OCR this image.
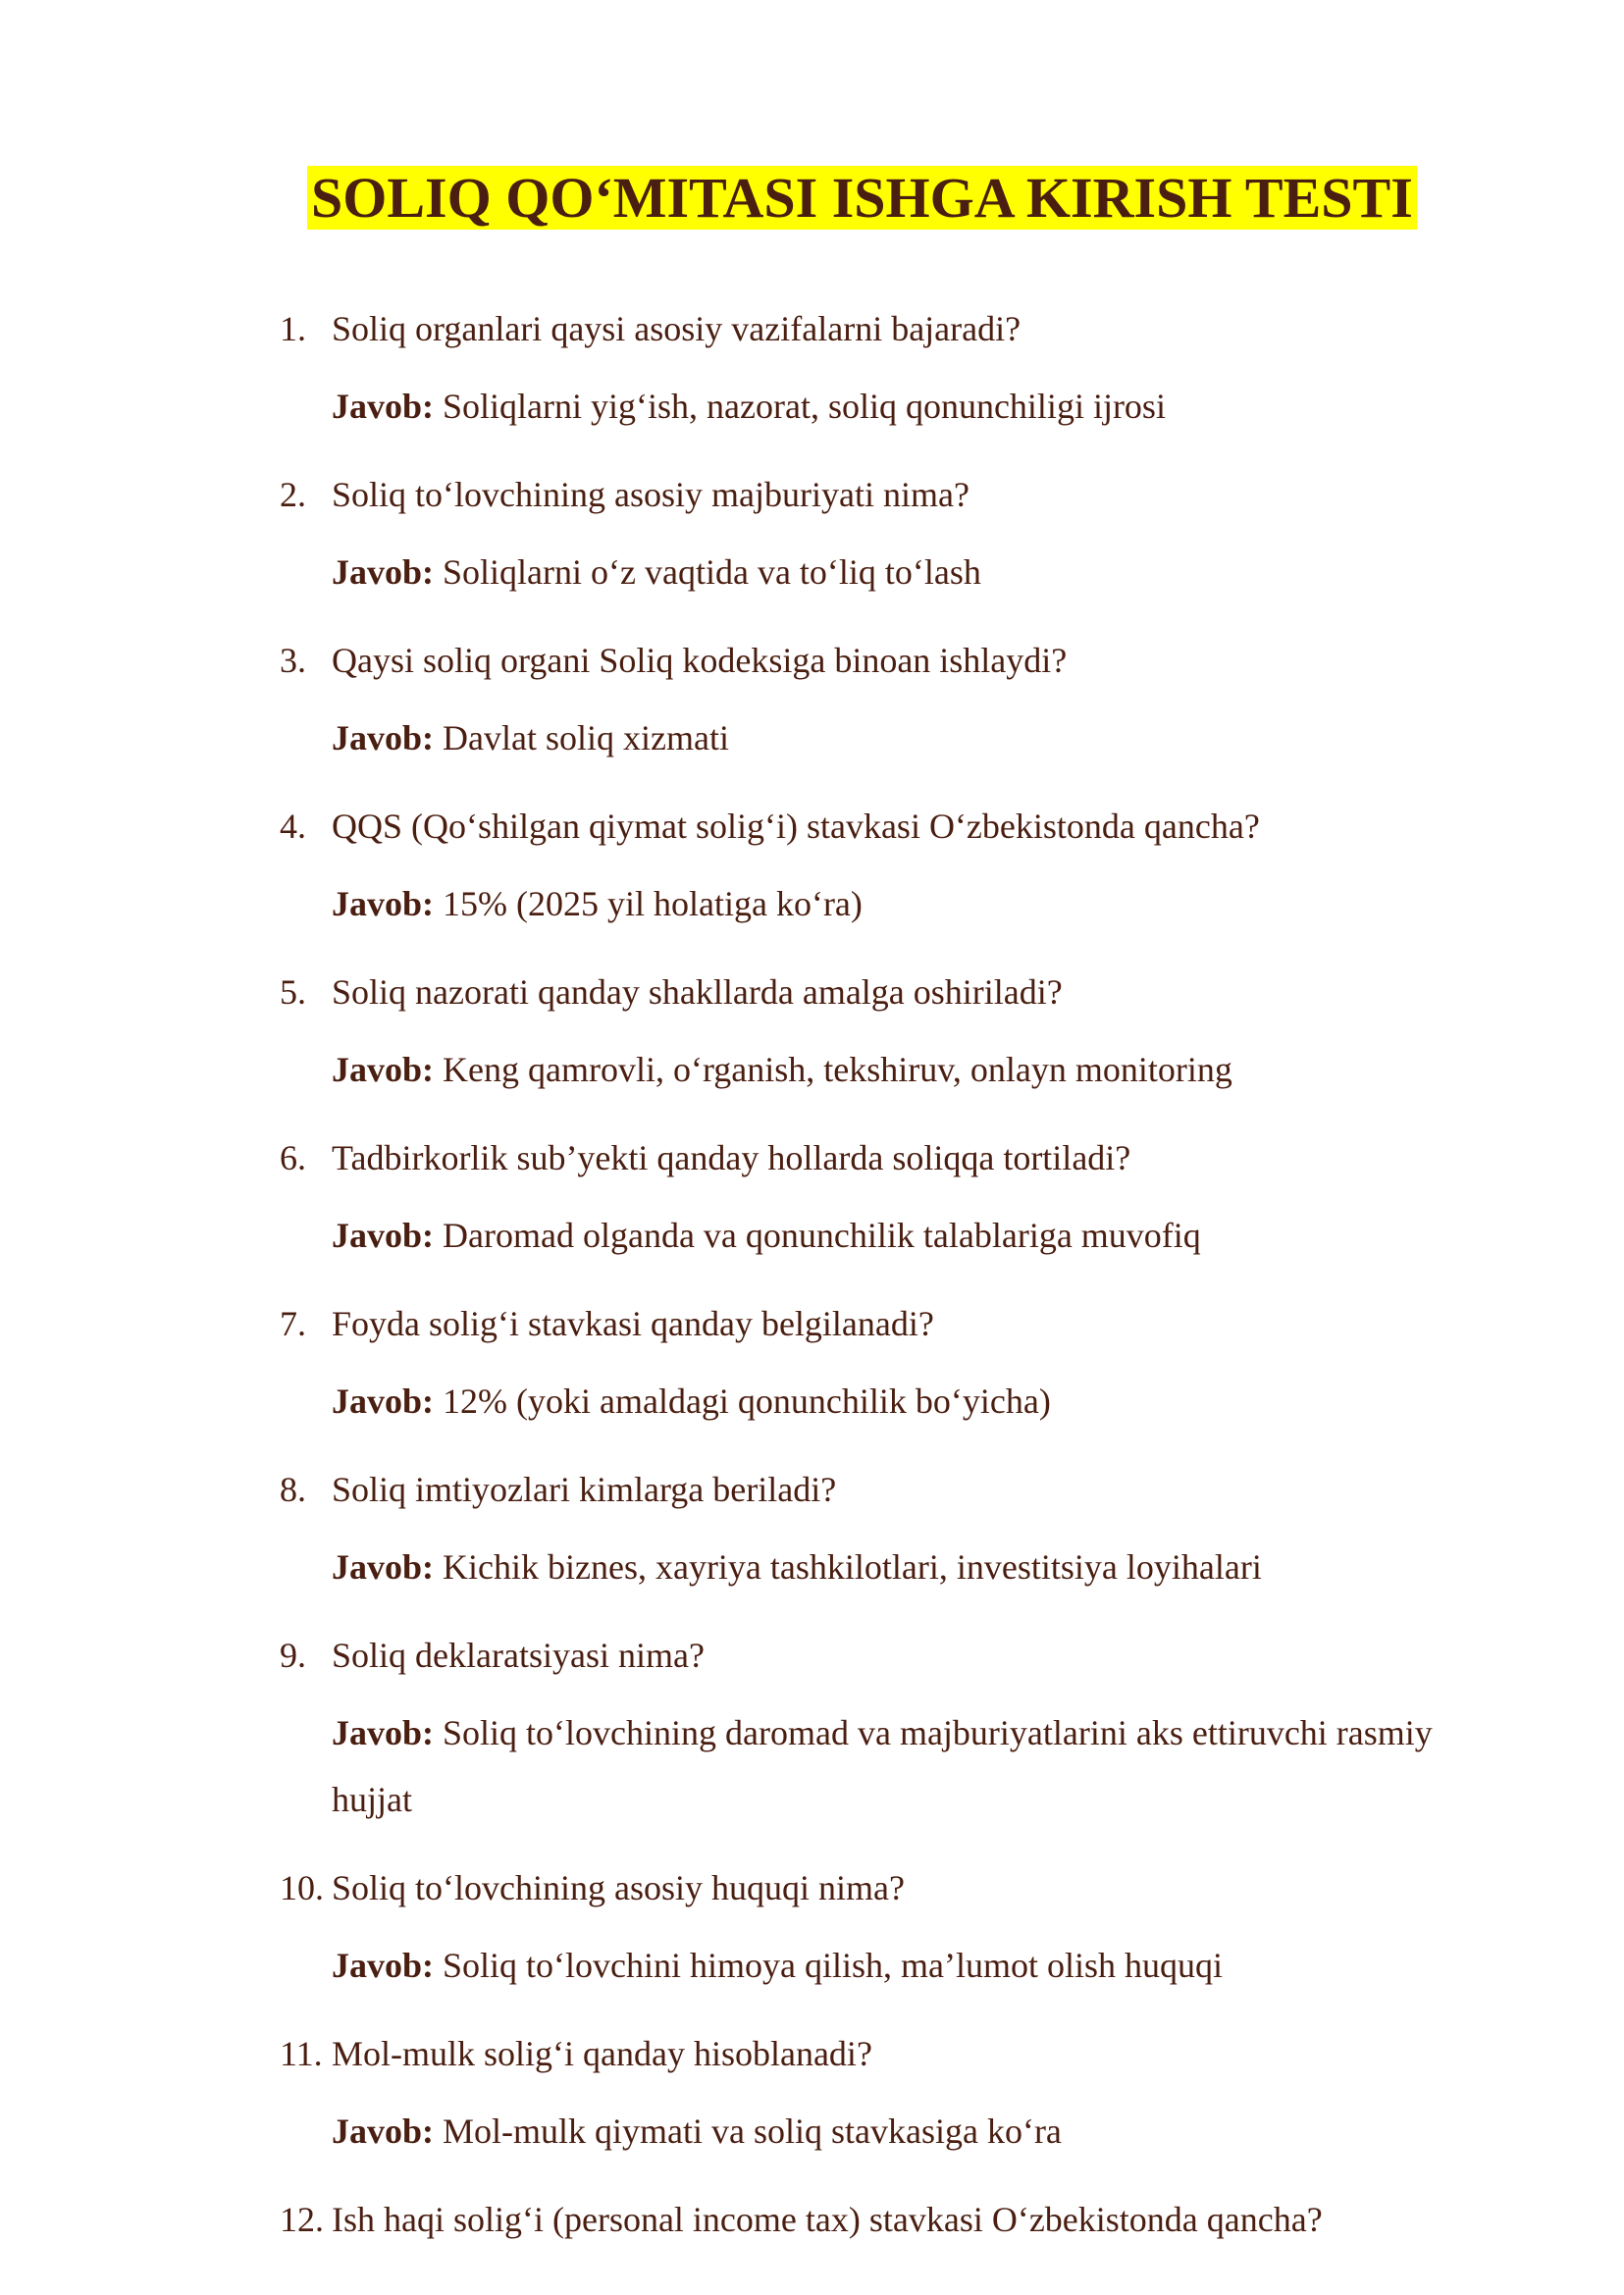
SOLIQ QO‘MITASI ISHGA KIRISH TESTI
1. Soliq organlari qaysi asosiy vazifalarni bajaradi?
Javob: Soliqlarni yig‘ish, nazorat, soliq qonunchiligi ijrosi
2. Soliq to‘lovchining asosiy majburiyati nima?
Javob: Soliqlarni o‘z vaqtida va to‘liq to‘lash
3. Qaysi soliq organi Soliq kodeksiga binoan ishlaydi?
Javob: Davlat soliq xizmati
4. QQS (Qo‘shilgan qiymat solig‘i) stavkasi O‘zbekistonda qancha?
Javob: 15% (2025 yil holatiga ko‘ra)
5. Soliq nazorati qanday shakllarda amalga oshiriladi?
Javob: Keng qamrovli, o‘rganish, tekshiruv, onlayn monitoring
6. Tadbirkorlik sub’yekti qanday hollarda soliqqa tortiladi?
Javob: Daromad olganda va qonunchilik talablariga muvofiq
7. Foyda solig‘i stavkasi qanday belgilanadi?
Javob: 12% (yoki amaldagi qonunchilik bo‘yicha)
8. Soliq imtiyozlari kimlarga beriladi?
Javob: Kichik biznes, xayriya tashkilotlari, investitsiya loyihalari
9. Soliq deklaratsiyasi nima?
Javob: Soliq to‘lovchining daromad va majburiyatlarini aks ettiruvchi rasmiy hujjat
10. Soliq to‘lovchining asosiy huquqi nima?
Javob: Soliq to‘lovchini himoya qilish, ma’lumot olish huquqi
11. Mol-mulk solig‘i qanday hisoblanadi?
Javob: Mol-mulk qiymati va soliq stavkasiga ko‘ra
12. Ish haqi solig‘i (personal income tax) stavkasi O‘zbekistonda qancha?
